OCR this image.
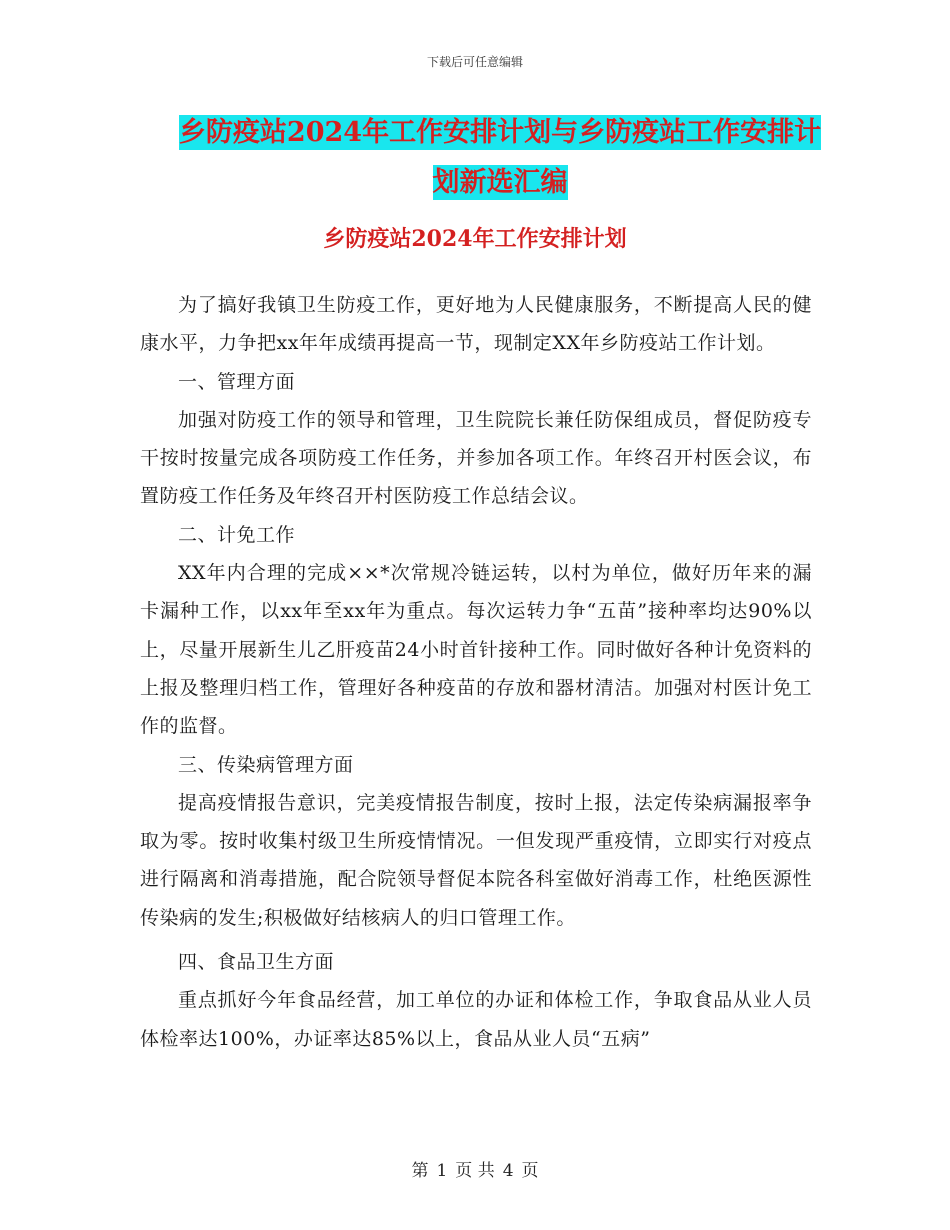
下载后可任意编辑
乡防疫站2024年工作安排计划与乡防疫站工作安排计
划新选汇编
乡防疫站2024年工作安排计划

为了搞好我镇卫生防疫工作，更好地为人民健康服务，不断提高人民的健康水平，力争把xx年年成绩再提高一节，现制定XX年乡防疫站工作计划。

一、管理方面

加强对防疫工作的领导和管理，卫生院院长兼任防保组成员，督促防疫专干按时按量完成各项防疫工作任务，并参加各项工作。年终召开村医会议，布置防疫工作任务及年终召开村医防疫工作总结会议。

二、计免工作

XX年内合理的完成××*次常规冷链运转，以村为单位，做好历年来的漏卡漏种工作，以xx年至xx年为重点。每次运转力争“五苗”接种率均达90%以上，尽量开展新生儿乙肝疫苗24小时首针接种工作。同时做好各种计免资料的上报及整理归档工作，管理好各种疫苗的存放和器材清洁。加强对村医计免工作的监督。

三、传染病管理方面

提高疫情报告意识，完美疫情报告制度，按时上报，法定传染病漏报率争取为零。按时收集村级卫生所疫情情况。一但发现严重疫情，立即实行对疫点进行隔离和消毒措施，配合院领导督促本院各科室做好消毒工作，杜绝医源性传染病的发生;积极做好结核病人的归口管理工作。

四、食品卫生方面

重点抓好今年食品经营，加工单位的办证和体检工作，争取食品从业人员体检率达100%，办证率达85%以上，食品从业人员“五病”

第 1 页 共 4 页
